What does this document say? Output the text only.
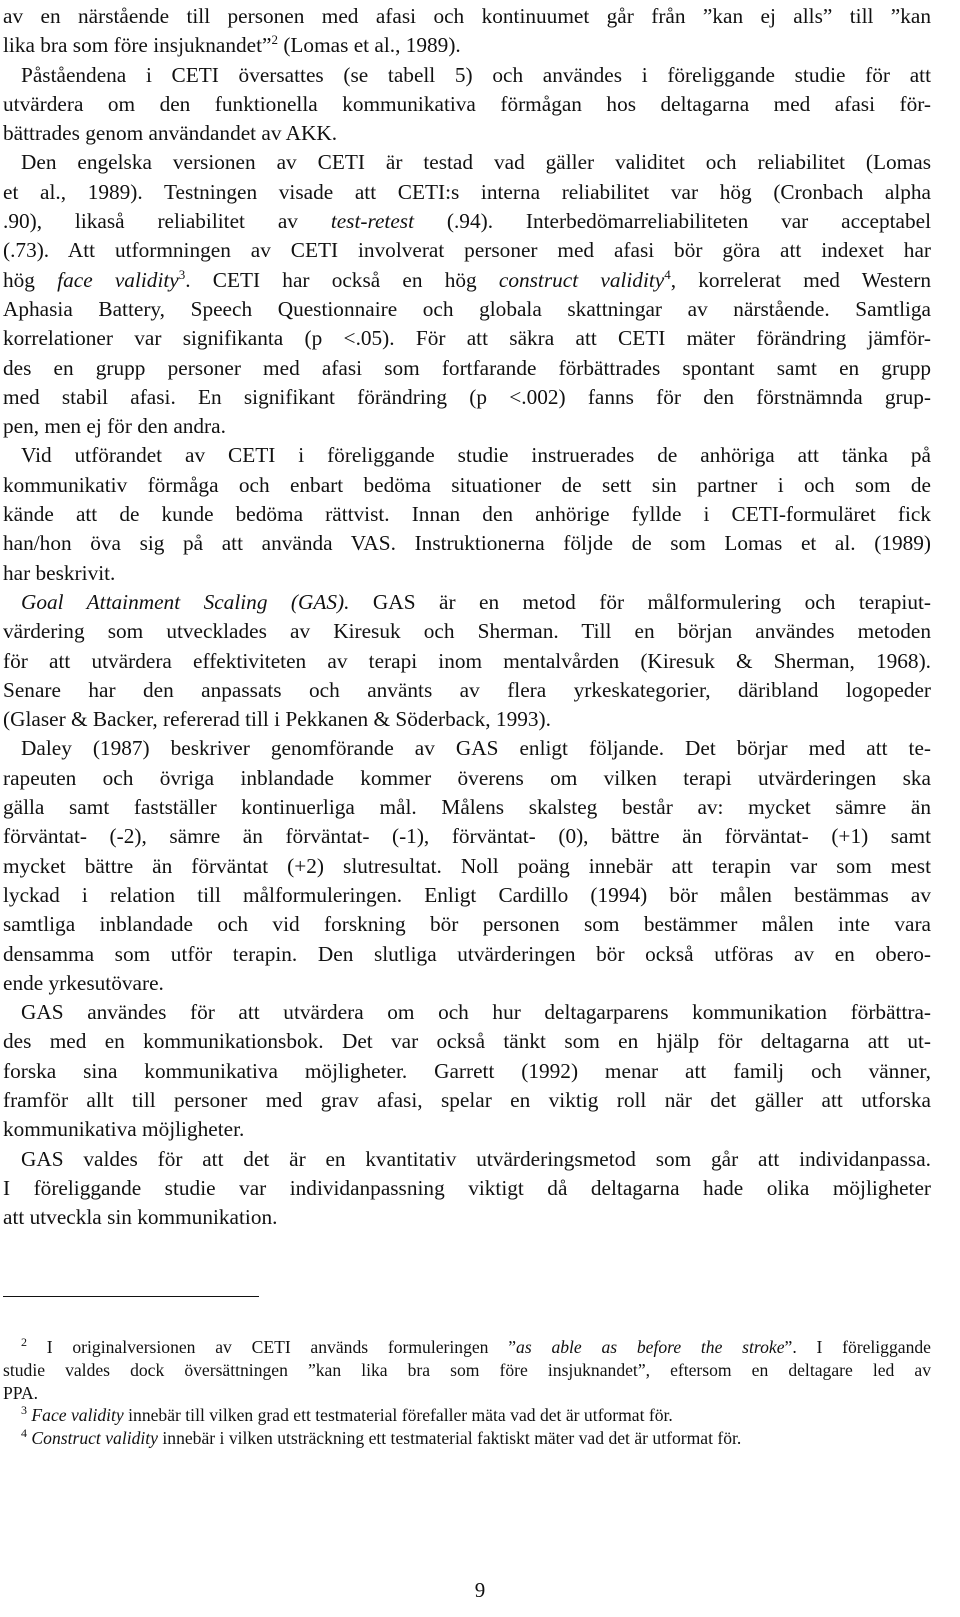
av en närstående till personen med afasi och kontinuumet går från ”kan ej alls” till ”kan
lika bra som före insjuknandet”$^2$ (Lomas et al., 1989).
Påståendena i CETI översattes (se tabell 5) och användes i föreliggande studie för att
utvärdera om den funktionella kommunikativa förmågan hos deltagarna med afasi för-
bättrades genom användandet av AKK.
Den engelska versionen av CETI är testad vad gäller validitet och reliabilitet (Lomas
et al., 1989). Testningen visade att CETI:s interna reliabilitet var hög (Cronbach alpha
.90), likaså reliabilitet av test-retest (.94). Interbedömarreliabiliteten var acceptabel
(.73). Att utformningen av CETI involverat personer med afasi bör göra att indexet har
hög face validity$^3$. CETI har också en hög construct validity$^4$, korrelerat med Western
Aphasia Battery, Speech Questionnaire och globala skattningar av närstående. Samtliga
korrelationer var signifikanta (p <.05). För att säkra att CETI mäter förändring jämför-
des en grupp personer med afasi som fortfarande förbättrades spontant samt en grupp
med stabil afasi. En signifikant förändring (p <.002) fanns för den förstnämnda grup-
pen, men ej för den andra.
Vid utförandet av CETI i föreliggande studie instruerades de anhöriga att tänka på
kommunikativ förmåga och enbart bedöma situationer de sett sin partner i och som de
kände att de kunde bedöma rättvist. Innan den anhörige fyllde i CETI-formuläret fick
han/hon öva sig på att använda VAS. Instruktionerna följde de som Lomas et al. (1989)
har beskrivit.
Goal Attainment Scaling (GAS). GAS är en metod för målformulering och terapiut-
värdering som utvecklades av Kiresuk och Sherman. Till en början användes metoden
för att utvärdera effektiviteten av terapi inom mentalvården (Kiresuk & Sherman, 1968).
Senare har den anpassats och använts av flera yrkeskategorier, däribland logopeder
(Glaser & Backer, refererad till i Pekkanen & Söderback, 1993).
Daley (1987) beskriver genomförande av GAS enligt följande. Det börjar med att te-
rapeuten och övriga inblandade kommer överens om vilken terapi utvärderingen ska
gälla samt fastställer kontinuerliga mål. Målens skalsteg består av: mycket sämre än
förväntat- (-2), sämre än förväntat- (-1), förväntat- (0), bättre än förväntat- (+1) samt
mycket bättre än förväntat (+2) slutresultat. Noll poäng innebär att terapin var som mest
lyckad i relation till målformuleringen. Enligt Cardillo (1994) bör målen bestämmas av
samtliga inblandade och vid forskning bör personen som bestämmer målen inte vara
densamma som utför terapin. Den slutliga utvärderingen bör också utföras av en obero-
ende yrkesutövare.
GAS användes för att utvärdera om och hur deltagarparens kommunikation förbättra-
des med en kommunikationsbok. Det var också tänkt som en hjälp för deltagarna att ut-
forska sina kommunikativa möjligheter. Garrett (1992) menar att familj och vänner,
framför allt till personer med grav afasi, spelar en viktig roll när det gäller att utforska
kommunikativa möjligheter.
GAS valdes för att det är en kvantitativ utvärderingsmetod som går att individanpassa.
I föreliggande studie var individanpassning viktigt då deltagarna hade olika möjligheter
att utveckla sin kommunikation.
$^2$ I originalversionen av CETI används formuleringen ”as able as before the stroke”. I föreliggande
studie valdes dock översättningen ”kan lika bra som före insjuknandet”, eftersom en deltagare led av
PPA.
$^3$ Face validity innebär till vilken grad ett testmaterial förefaller mäta vad det är utformat för.
$^4$ Construct validity innebär i vilken utsträckning ett testmaterial faktiskt mäter vad det är utformat för.
9
